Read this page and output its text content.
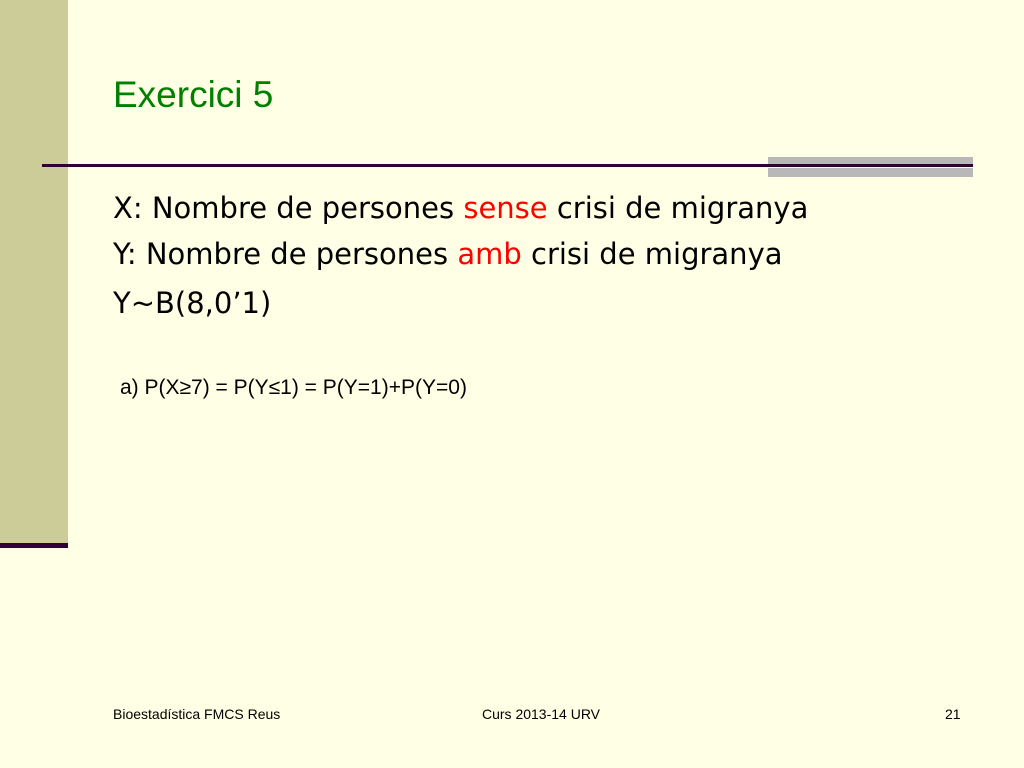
Exercici 5
X: Nombre de persones sense crisi de migranya
Y: Nombre de persones amb crisi de migranya
Y~B(8,0’1)
a) P(X≥7) = P(Y≤1) = P(Y=1)+P(Y=0)
Bioestadística FMCS Reus	Curs 2013-14 URV	21
